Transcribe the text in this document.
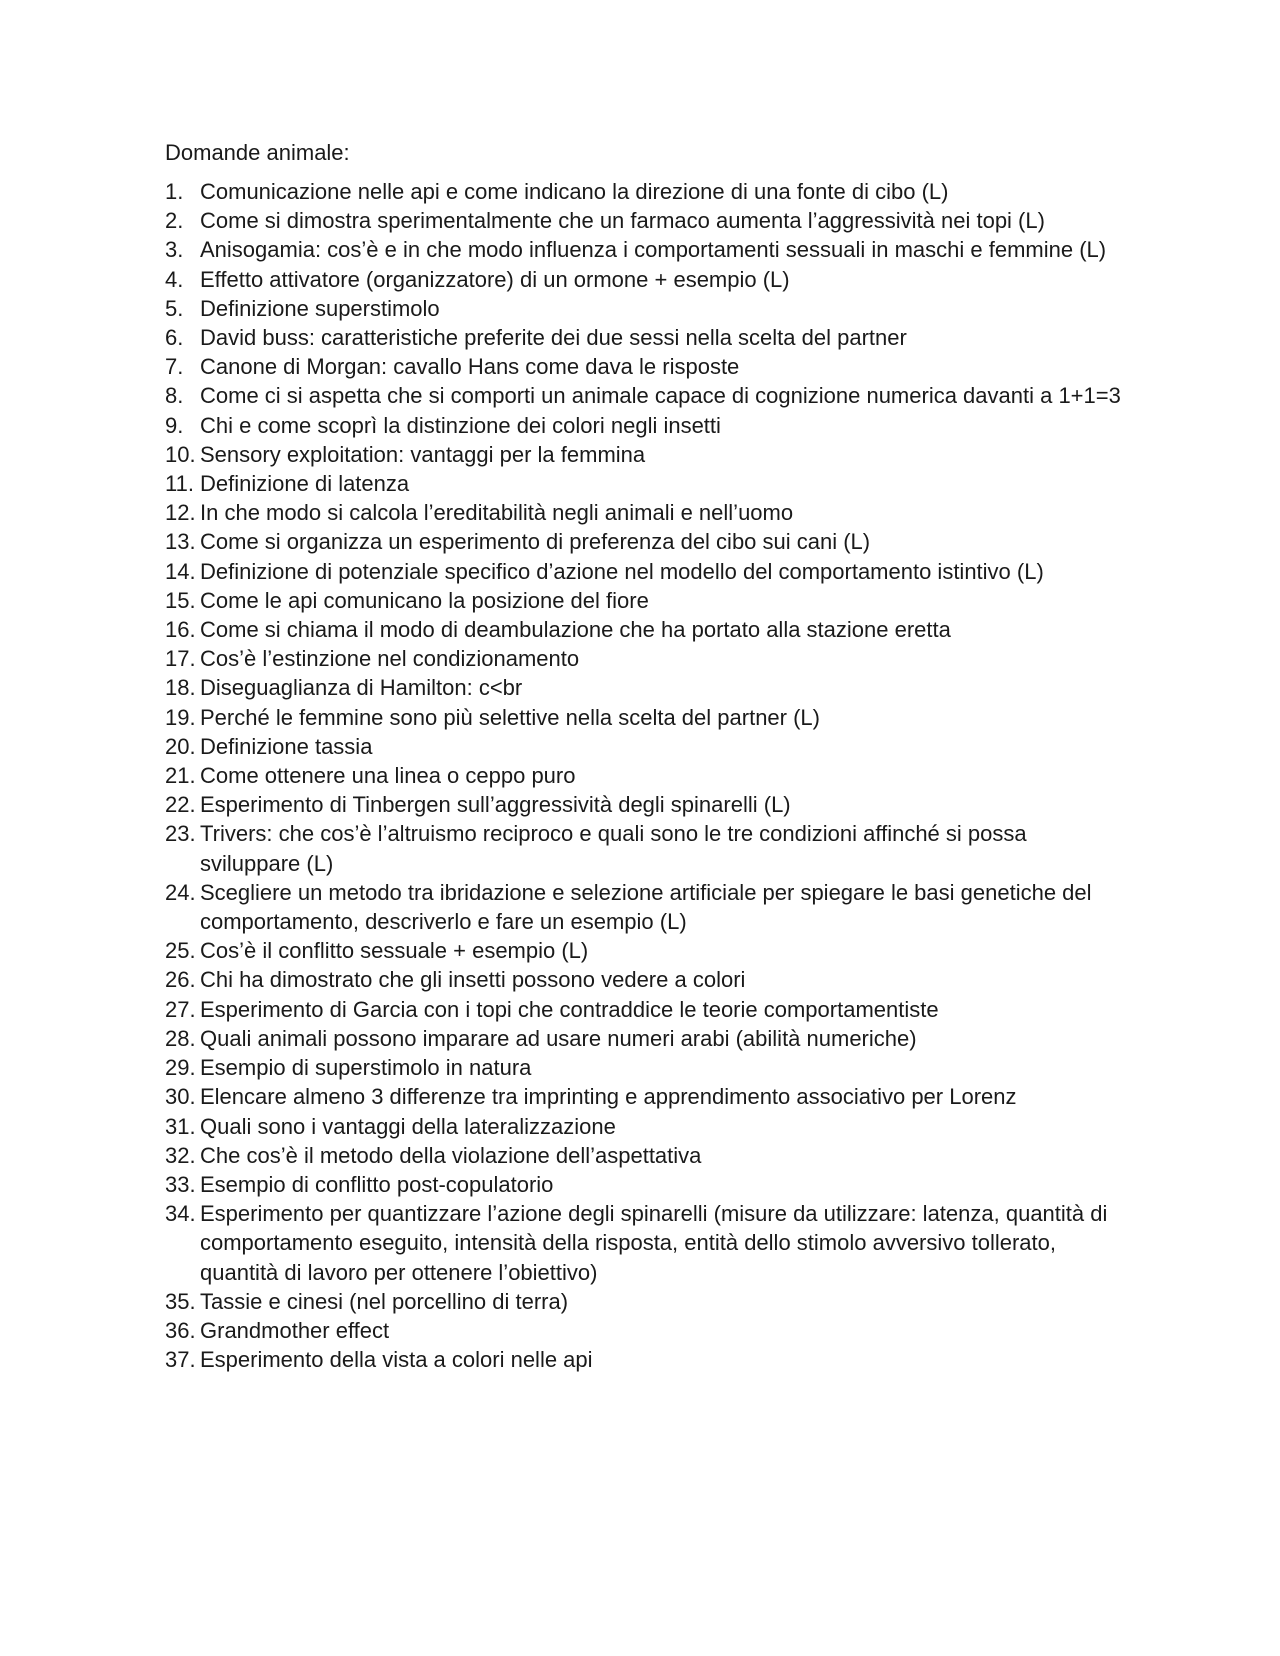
Domande animale:
1. Comunicazione nelle api e come indicano la direzione di una fonte di cibo (L)
2. Come si dimostra sperimentalmente che un farmaco aumenta l’aggressività nei topi (L)
3. Anisogamia: cos’è e in che modo influenza i comportamenti sessuali in maschi e femmine (L)
4. Effetto attivatore (organizzatore) di un ormone + esempio (L)
5. Definizione superstimolo
6. David buss: caratteristiche preferite dei due sessi nella scelta del partner
7. Canone di Morgan: cavallo Hans come dava le risposte
8. Come ci si aspetta che si comporti un animale capace di cognizione numerica davanti a 1+1=3
9. Chi e come scoprì la distinzione dei colori negli insetti
10. Sensory exploitation: vantaggi per la femmina
11. Definizione di latenza
12. In che modo si calcola l’ereditabilità negli animali e nell’uomo
13. Come si organizza un esperimento di preferenza del cibo sui cani (L)
14. Definizione di potenziale specifico d’azione nel modello del comportamento istintivo (L)
15. Come le api comunicano la posizione del fiore
16. Come si chiama il modo di deambulazione che ha portato alla stazione eretta
17. Cos’è l’estinzione nel condizionamento
18. Diseguaglianza di Hamilton: c<br
19. Perché le femmine sono più selettive nella scelta del partner (L)
20. Definizione tassia
21. Come ottenere una linea o ceppo puro
22. Esperimento di Tinbergen sull’aggressività degli spinarelli (L)
23. Trivers: che cos’è l’altruismo reciproco e quali sono le tre condizioni affinché si possa sviluppare (L)
24. Scegliere un metodo tra ibridazione e selezione artificiale per spiegare le basi genetiche del comportamento, descriverlo e fare un esempio (L)
25. Cos’è il conflitto sessuale + esempio (L)
26. Chi ha dimostrato che gli insetti possono vedere a colori
27. Esperimento di Garcia con i topi che contraddice le teorie comportamentiste
28. Quali animali possono imparare ad usare numeri arabi (abilità numeriche)
29. Esempio di superstimolo in natura
30. Elencare almeno 3 differenze tra imprinting e apprendimento associativo per Lorenz
31. Quali sono i vantaggi della lateralizzazione
32. Che cos’è il metodo della violazione dell’aspettativa
33. Esempio di conflitto post-copulatorio
34. Esperimento per quantizzare l’azione degli spinarelli (misure da utilizzare: latenza, quantità di comportamento eseguito, intensità della risposta, entità dello stimolo avversivo tollerato, quantità di lavoro per ottenere l’obiettivo)
35. Tassie e cinesi (nel porcellino di terra)
36. Grandmother effect
37. Esperimento della vista a colori nelle api
